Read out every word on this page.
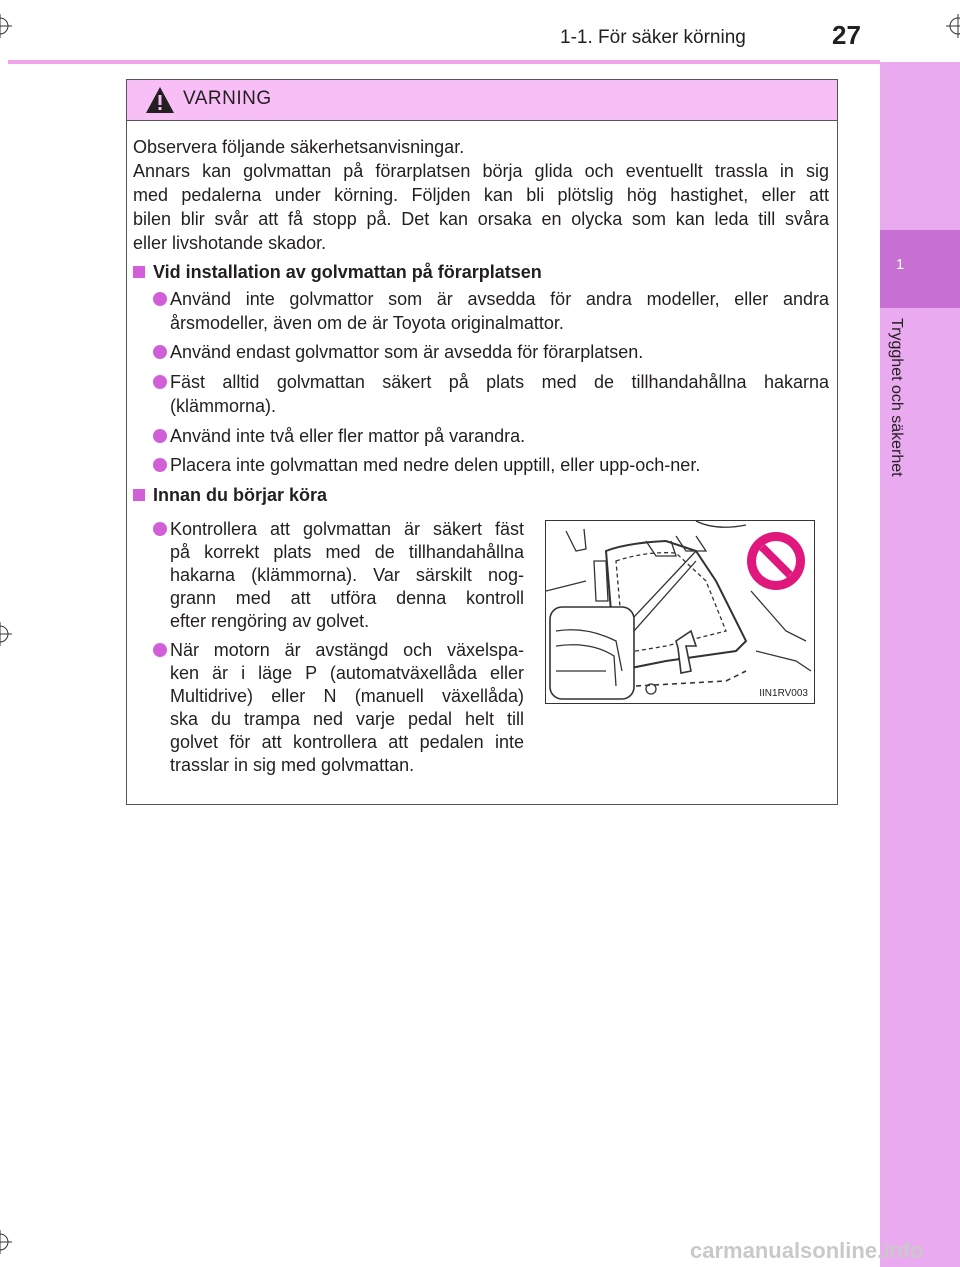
1-1. För säker körning	27
1
Trygghet och säkerhet
VARNING
Observera följande säkerhetsanvisningar.
Annars kan golvmattan på förarplatsen börja glida och eventuellt trassla in sig
med pedalerna under körning. Följden kan bli plötslig hög hastighet, eller att
bilen blir svår att få stopp på. Det kan orsaka en olycka som kan leda till svåra
eller livshotande skador.
Vid installation av golvmattan på förarplatsen
Använd inte golvmattor som är avsedda för andra modeller, eller andra
årsmodeller, även om de är Toyota originalmattor.
Använd endast golvmattor som är avsedda för förarplatsen.
Fäst alltid golvmattan säkert på plats med de tillhandahållna hakarna
(klämmorna).
Använd inte två eller fler mattor på varandra.
Placera inte golvmattan med nedre delen upptill, eller upp-och-ner.
Innan du börjar köra
Kontrollera att golvmattan är säkert fäst
på korrekt plats med de tillhandahållna
hakarna (klämmorna). Var särskilt nog-
grann med att utföra denna kontroll
efter rengöring av golvet.
När motorn är avstängd och växelspa-
ken är i läge P (automatväxellåda eller
Multidrive) eller N (manuell växellåda)
ska du trampa ned varje pedal helt till
golvet för att kontrollera att pedalen inte
trasslar in sig med golvmattan.
IIN1RV003
carmanualsonline.info
